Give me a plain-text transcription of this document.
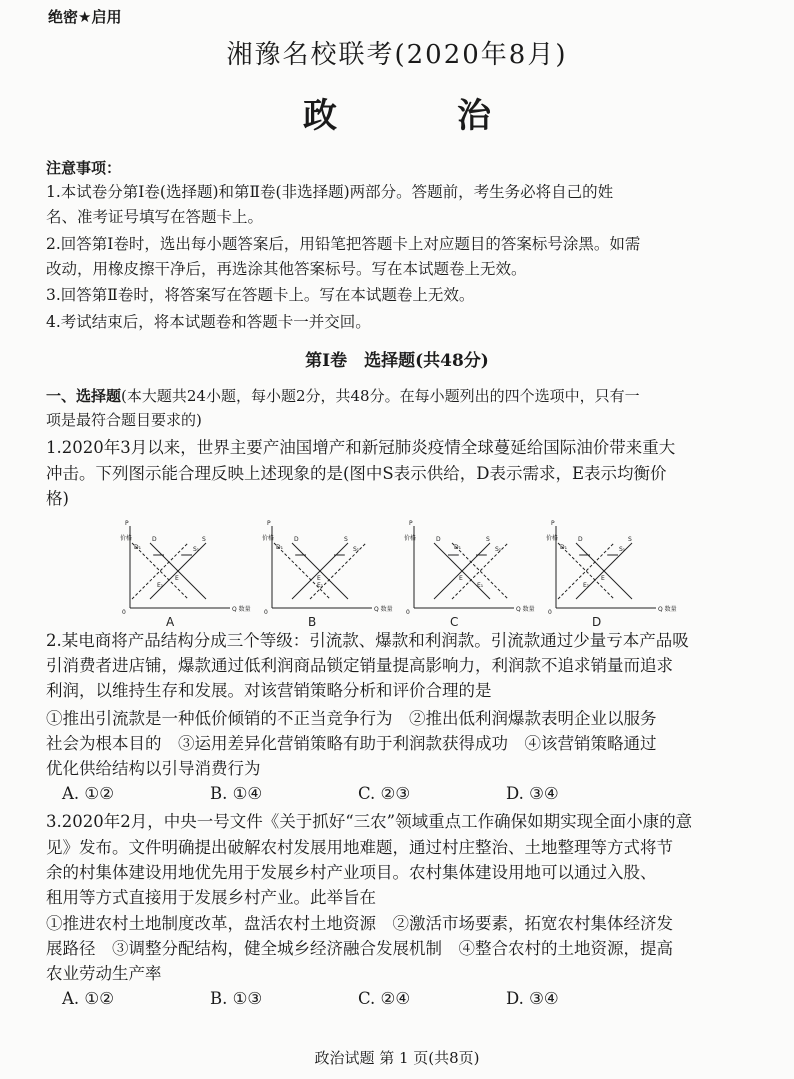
绝密★启用
湘豫名校联考(2020年8月)
政治
注意事项：
1.本试卷分第Ⅰ卷(选择题)和第Ⅱ卷(非选择题)两部分。答题前，考生务必将自己的姓
名、准考证号填写在答题卡上。
2.回答第Ⅰ卷时，选出每小题答案后，用铅笔把答题卡上对应题目的答案标号涂黑。如需
改动，用橡皮擦干净后，再选涂其他答案标号。写在本试题卷上无效。
3.回答第Ⅱ卷时，将答案写在答题卡上。写在本试题卷上无效。
4.考试结束后，将本试题卷和答题卡一并交回。
第Ⅰ卷　选择题(共48分)
一、选择题(本大题共24小题，每小题2分，共48分。在每小题列出的四个选项中，只有一
项是最符合题目要求的)
1.2020年3月以来，世界主要产油国增产和新冠肺炎疫情全球蔓延给国际油价带来重大
冲击。下列图示能合理反映上述现象的是(图中S表示供给，D表示需求，E表示均衡价
格)
P
价格
Q 数量
0
D
D₁
S
S₁
E
E₁
A
P
价格
Q 数量
0
D
D₁
S
S₁
E
E₁
B
P
价格
Q 数量
0
D
D₁
S
S₁
E
E₁
C
P
价格
Q 数量
0
D
D₁
S
S₁
E
E₁
D
2.某电商将产品结构分成三个等级：引流款、爆款和利润款。引流款通过少量亏本产品吸
引消费者进店铺，爆款通过低利润商品锁定销量提高影响力，利润款不追求销量而追求
利润，以维持生存和发展。对该营销策略分析和评价合理的是
①推出引流款是一种低价倾销的不正当竞争行为　②推出低利润爆款表明企业以服务
社会为根本目的　③运用差异化营销策略有助于利润款获得成功　④该营销策略通过
优化供给结构以引导消费行为
A. ①②	B. ①④	C. ②③	D. ③④
3.2020年2月，中央一号文件《关于抓好“三农”领域重点工作确保如期实现全面小康的意
见》发布。文件明确提出破解农村发展用地难题，通过村庄整治、土地整理等方式将节
余的村集体建设用地优先用于发展乡村产业项目。农村集体建设用地可以通过入股、
租用等方式直接用于发展乡村产业。此举旨在
①推进农村土地制度改革，盘活农村土地资源　②激活市场要素，拓宽农村集体经济发
展路径　③调整分配结构，健全城乡经济融合发展机制　④整合农村的土地资源，提高
农业劳动生产率
A. ①②	B. ①③	C. ②④	D. ③④
政治试题 第 1 页(共8页)
